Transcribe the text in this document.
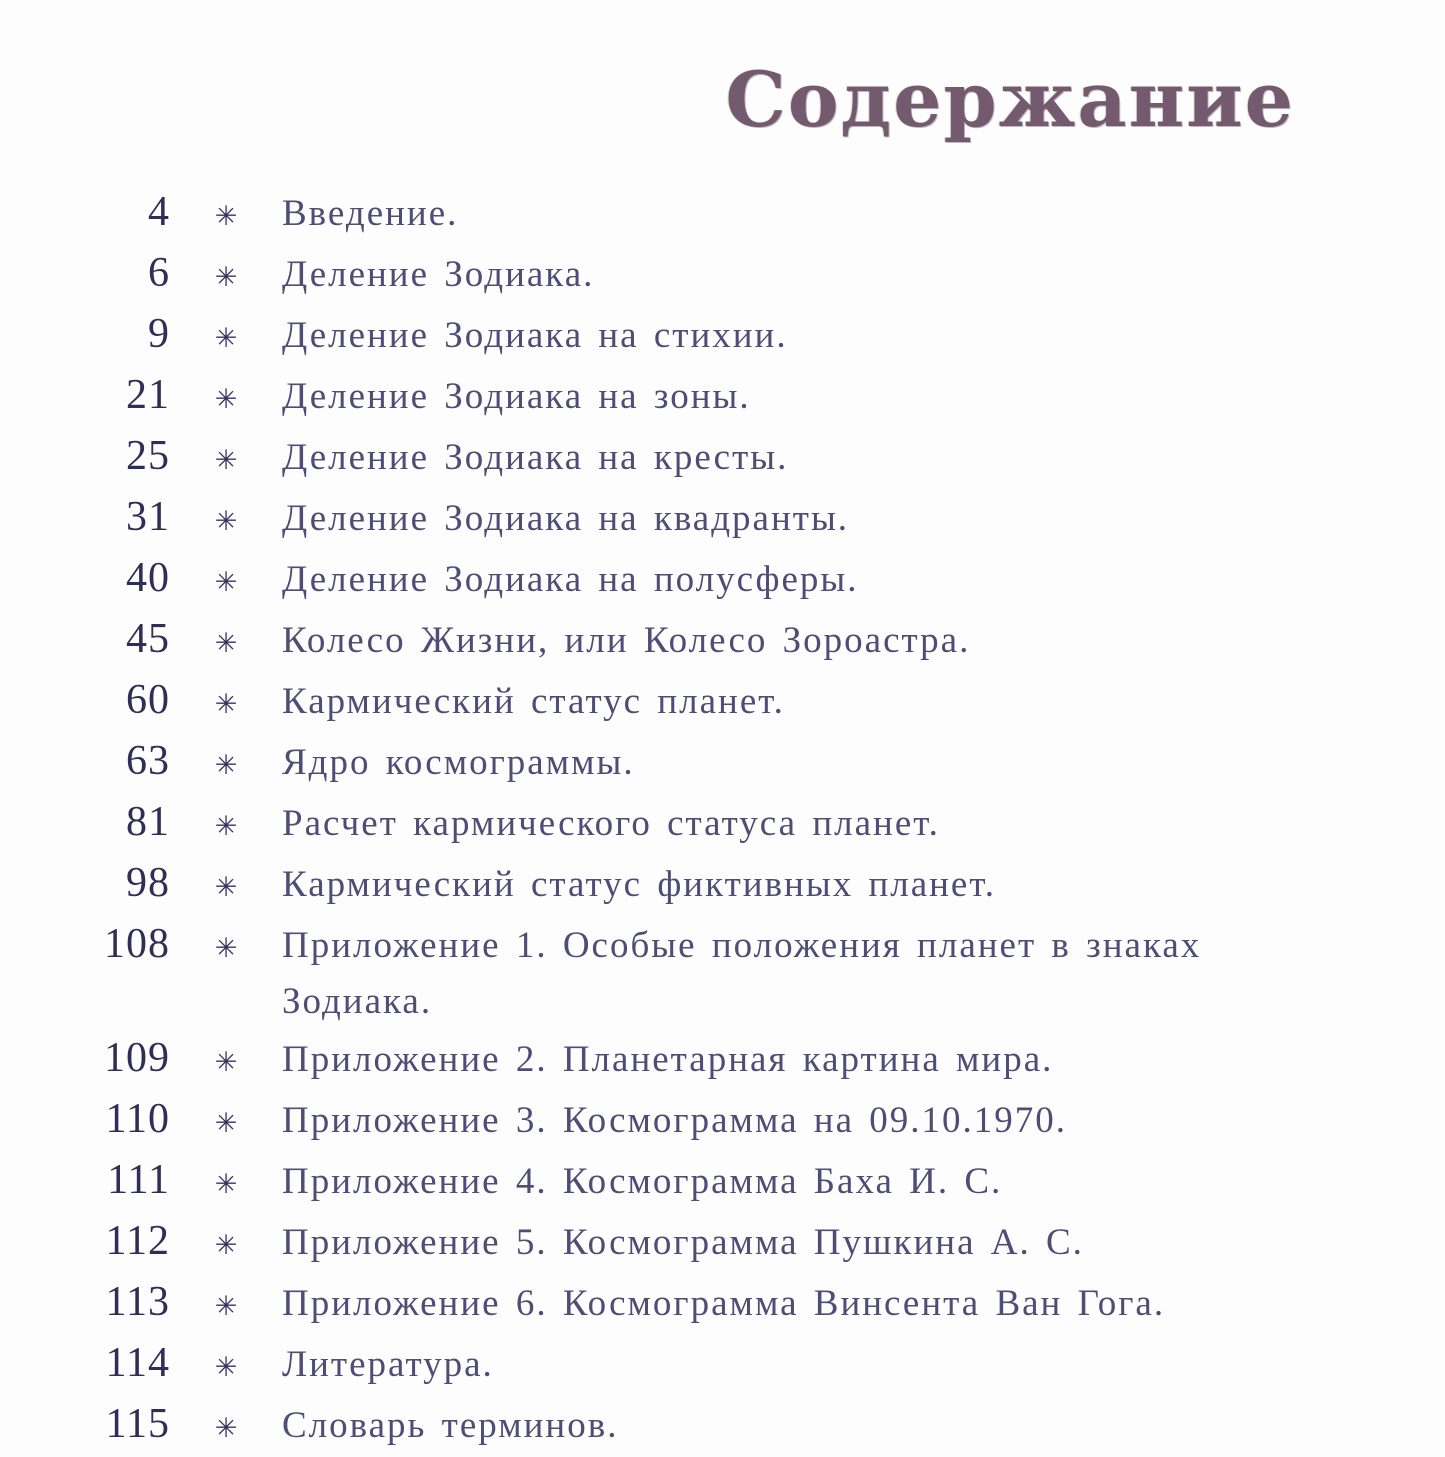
Содержание
4	✳	Введение.
6	✳	Деление Зодиака.
9	✳	Деление Зодиака на стихии.
21	✳	Деление Зодиака на зоны.
25	✳	Деление Зодиака на кресты.
31	✳	Деление Зодиака на квадранты.
40	✳	Деление Зодиака на полусферы.
45	✳	Колесо Жизни, или Колесо Зороастра.
60	✳	Кармический статус планет.
63	✳	Ядро космограммы.
81	✳	Расчет кармического статуса планет.
98	✳	Кармический статус фиктивных планет.
108	✳	Приложение 1. Особые положения планет в знаках Зодиака.
109	✳	Приложение 2. Планетарная картина мира.
110	✳	Приложение 3. Космограмма на 09.10.1970.
111	✳	Приложение 4. Космограмма Баха И. С.
112	✳	Приложение 5. Космограмма Пушкина А. С.
113	✳	Приложение 6. Космограмма Винсента Ван Гога.
114	✳	Литература.
115	✳	Словарь терминов.
